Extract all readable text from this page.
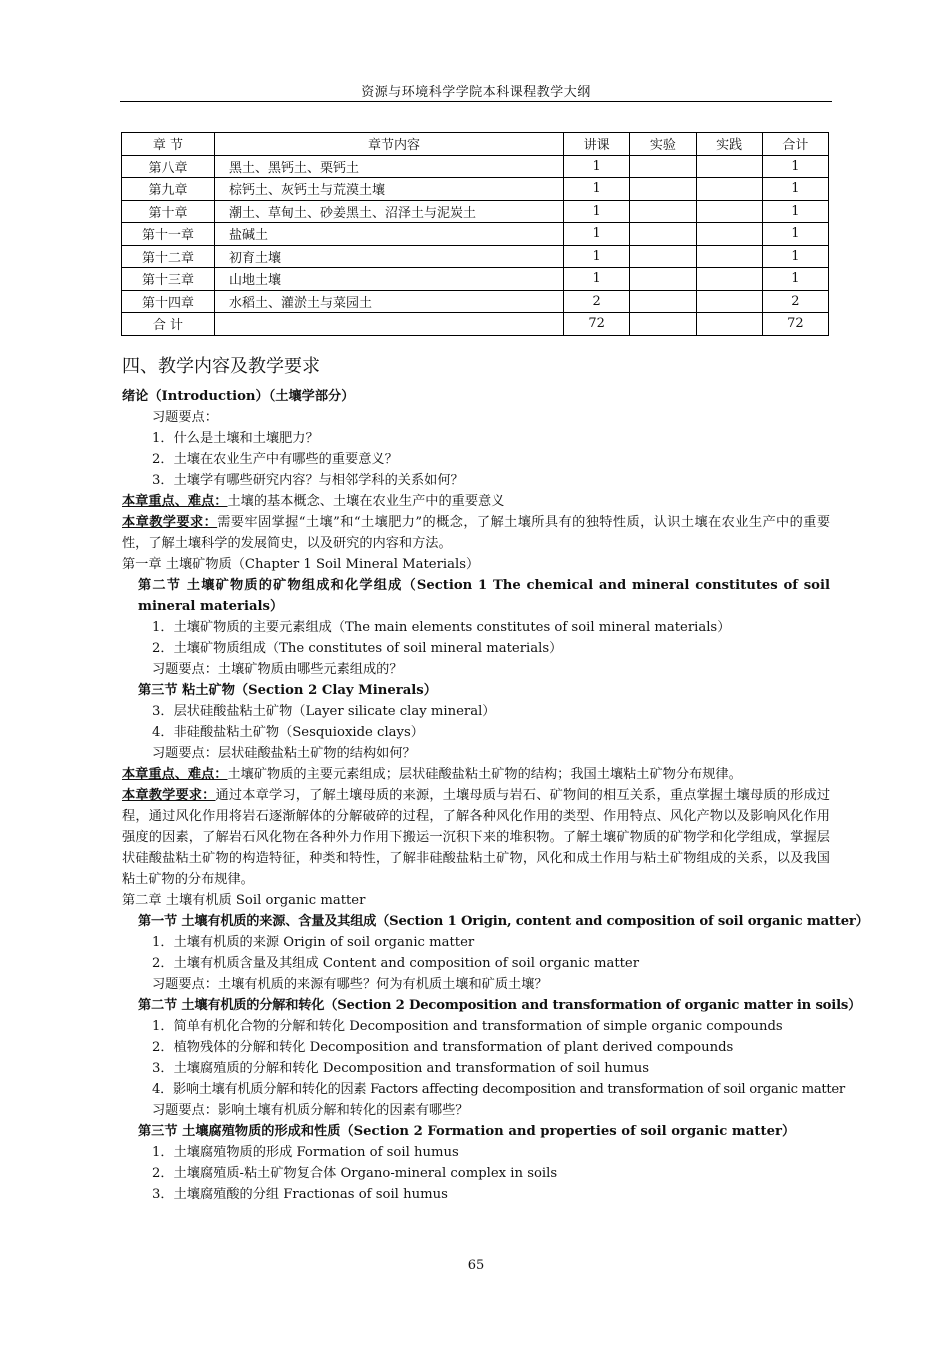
资源与环境科学学院本科课程教学大纲
章 节	章节内容	讲课	实验	实践	合计
第八章	黑土、黑钙土、栗钙土	1			1
第九章	棕钙土、灰钙土与荒漠土壤	1			1
第十章	潮土、草甸土、砂姜黑土、沼泽土与泥炭土	1			1
第十一章	盐碱土	1			1
第十二章	初育土壤	1			1
第十三章	山地土壤	1			1
第十四章	水稻土、灌淤土与菜园土	2			2
合 计		72			72
四、教学内容及教学要求
绪论（Introduction）（土壤学部分）
习题要点：
1．什么是土壤和土壤肥力？
2．土壤在农业生产中有哪些的重要意义？
3．土壤学有哪些研究内容？与相邻学科的关系如何？
本章重点、难点：土壤的基本概念、土壤在农业生产中的重要意义
本章教学要求：需要牢固掌握“土壤”和“土壤肥力”的概念，了解土壤所具有的独特性质，认识土壤在农业生产中的重要性，了解土壤科学的发展简史，以及研究的内容和方法。
第一章 土壤矿物质（Chapter 1 Soil Mineral Materials）
第二节 土壤矿物质的矿物组成和化学组成（Section 1 The chemical and mineral constitutes of soil mineral materials）
1．土壤矿物质的主要元素组成（The main elements constitutes of soil mineral materials）
2．土壤矿物质组成（The constitutes of soil mineral materials）
习题要点：土壤矿物质由哪些元素组成的？
第三节 粘土矿物（Section 2 Clay Minerals）
3．层状硅酸盐粘土矿物（Layer silicate clay mineral）
4．非硅酸盐粘土矿物（Sesquioxide clays）
习题要点：层状硅酸盐粘土矿物的结构如何？
本章重点、难点：土壤矿物质的主要元素组成；层状硅酸盐粘土矿物的结构；我国土壤粘土矿物分布规律。
本章教学要求：通过本章学习，了解土壤母质的来源，土壤母质与岩石、矿物间的相互关系，重点掌握土壤母质的形成过程，通过风化作用将岩石逐渐解体的分解破碎的过程，了解各种风化作用的类型、作用特点、风化产物以及影响风化作用强度的因素，了解岩石风化物在各种外力作用下搬运一沉积下来的堆积物。了解土壤矿物质的矿物学和化学组成，掌握层状硅酸盐粘土矿物的构造特征，种类和特性，了解非硅酸盐粘土矿物，风化和成土作用与粘土矿物组成的关系，以及我国粘土矿物的分布规律。
第二章 土壤有机质 Soil organic matter
第一节 土壤有机质的来源、含量及其组成（Section 1 Origin, content and composition of soil organic matter）
1．土壤有机质的来源 Origin of soil organic matter
2．土壤有机质含量及其组成 Content and composition of soil organic matter
习题要点：土壤有机质的来源有哪些？何为有机质土壤和矿质土壤？
第二节 土壤有机质的分解和转化（Section 2 Decomposition and transformation of organic matter in soils）
1．简单有机化合物的分解和转化 Decomposition and transformation of simple organic compounds
2．植物残体的分解和转化 Decomposition and transformation of plant derived compounds
3．土壤腐殖质的分解和转化 Decomposition and transformation of soil humus
4．影响土壤有机质分解和转化的因素 Factors affecting decomposition and transformation of soil organic matter
习题要点：影响土壤有机质分解和转化的因素有哪些？
第三节 土壤腐殖物质的形成和性质（Section 2 Formation and properties of soil organic matter）
1．土壤腐殖物质的形成 Formation of soil humus
2．土壤腐殖质-粘土矿物复合体 Organo-mineral complex in soils
3．土壤腐殖酸的分组 Fractionas of soil humus
65
